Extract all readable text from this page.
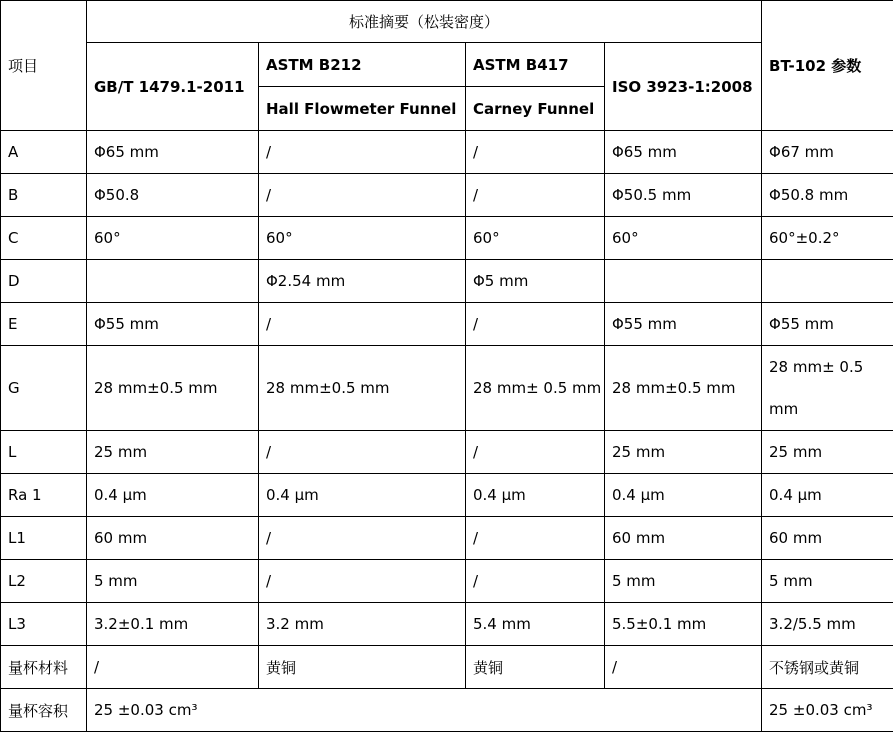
项目	标准摘要（松装密度）				BT-102 参数
	GB/T 1479.1-2011	ASTM B212	ASTM B417	ISO 3923-1:2008	
		Hall Flowmeter Funnel	Carney Funnel		
A	Φ65 mm	/	/	Φ65 mm	Φ67 mm
B	Φ50.8	/	/	Φ50.5 mm	Φ50.8 mm
C	60°	60°	60°	60°	60°±0.2°
D		Φ2.54 mm	Φ5 mm		
E	Φ55 mm	/	/	Φ55 mm	Φ55 mm
G	28 mm±0.5 mm	28 mm±0.5 mm	28 mm± 0.5 mm	28 mm±0.5 mm	28 mm± 0.5 mm
L	25 mm	/	/	25 mm	25 mm
Ra 1	0.4 μm	0.4 μm	0.4 μm	0.4 μm	0.4 μm
L1	60 mm	/	/	60 mm	60 mm
L2	5 mm	/	/	5 mm	5 mm
L3	3.2±0.1 mm	3.2 mm	5.4 mm	5.5±0.1 mm	3.2/5.5 mm
量杯材料	/	黄铜	黄铜	/	不锈钢或黄铜
量杯容积	25 ±0.03 cm³				25 ±0.03 cm³
